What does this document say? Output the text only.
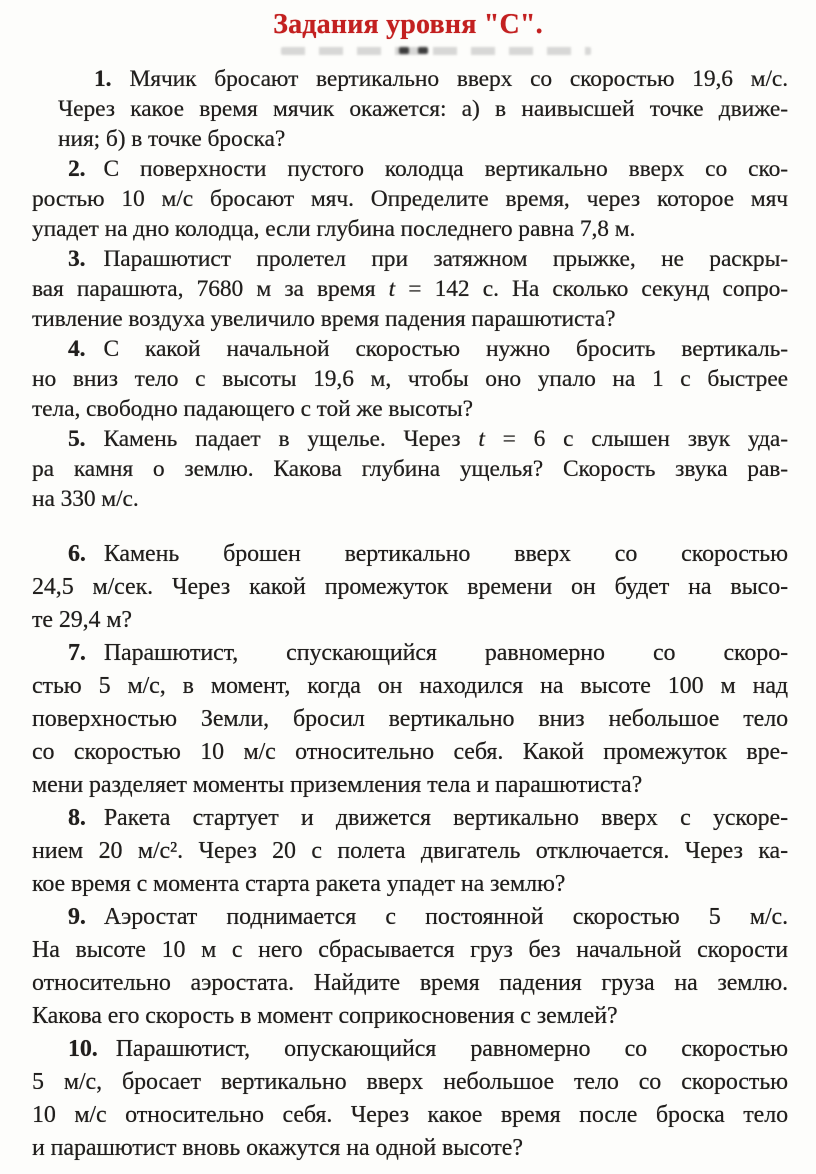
Задания уровня "С".
1. Мячик бросают вертикально вверх со скоростью 19,6 м/с.
Через какое время мячик окажется: а) в наивысшей точке движе-
ния; б) в точке броска?
2. С поверхности пустого колодца вертикально вверх со ско-
ростью 10 м/с бросают мяч. Определите время, через которое мяч
упадет на дно колодца, если глубина последнего равна 7,8 м.
3. Парашютист пролетел при затяжном прыжке, не раскры-
вая парашюта, 7680 м за время t = 142 с. На сколько секунд сопро-
тивление воздуха увеличило время падения парашютиста?
4. С какой начальной скоростью нужно бросить вертикаль-
но вниз тело с высоты 19,6 м, чтобы оно упало на 1 с быстрее
тела, свободно падающего с той же высоты?
5. Камень падает в ущелье. Через t = 6 с слышен звук уда-
ра камня о землю. Какова глубина ущелья? Скорость звука рав-
на 330 м/с.
6. Камень брошен вертикально вверх со скоростью
24,5 м/сек. Через какой промежуток времени он будет на высо-
те 29,4 м?
7. Парашютист, спускающийся равномерно со скоро-
стью 5 м/с, в момент, когда он находился на высоте 100 м над
поверхностью Земли, бросил вертикально вниз небольшое тело
со скоростью 10 м/с относительно себя. Какой промежуток вре-
мени разделяет моменты приземления тела и парашютиста?
8. Ракета стартует и движется вертикально вверх с ускоре-
нием 20 м/с². Через 20 с полета двигатель отключается. Через ка-
кое время с момента старта ракета упадет на землю?
9. Аэростат поднимается с постоянной скоростью 5 м/с.
На высоте 10 м с него сбрасывается груз без начальной скорости
относительно аэростата. Найдите время падения груза на землю.
Какова его скорость в момент соприкосновения с землей?
10. Парашютист, опускающийся равномерно со скоростью
5 м/с, бросает вертикально вверх небольшое тело со скоростью
10 м/с относительно себя. Через какое время после броска тело
и парашютист вновь окажутся на одной высоте?
